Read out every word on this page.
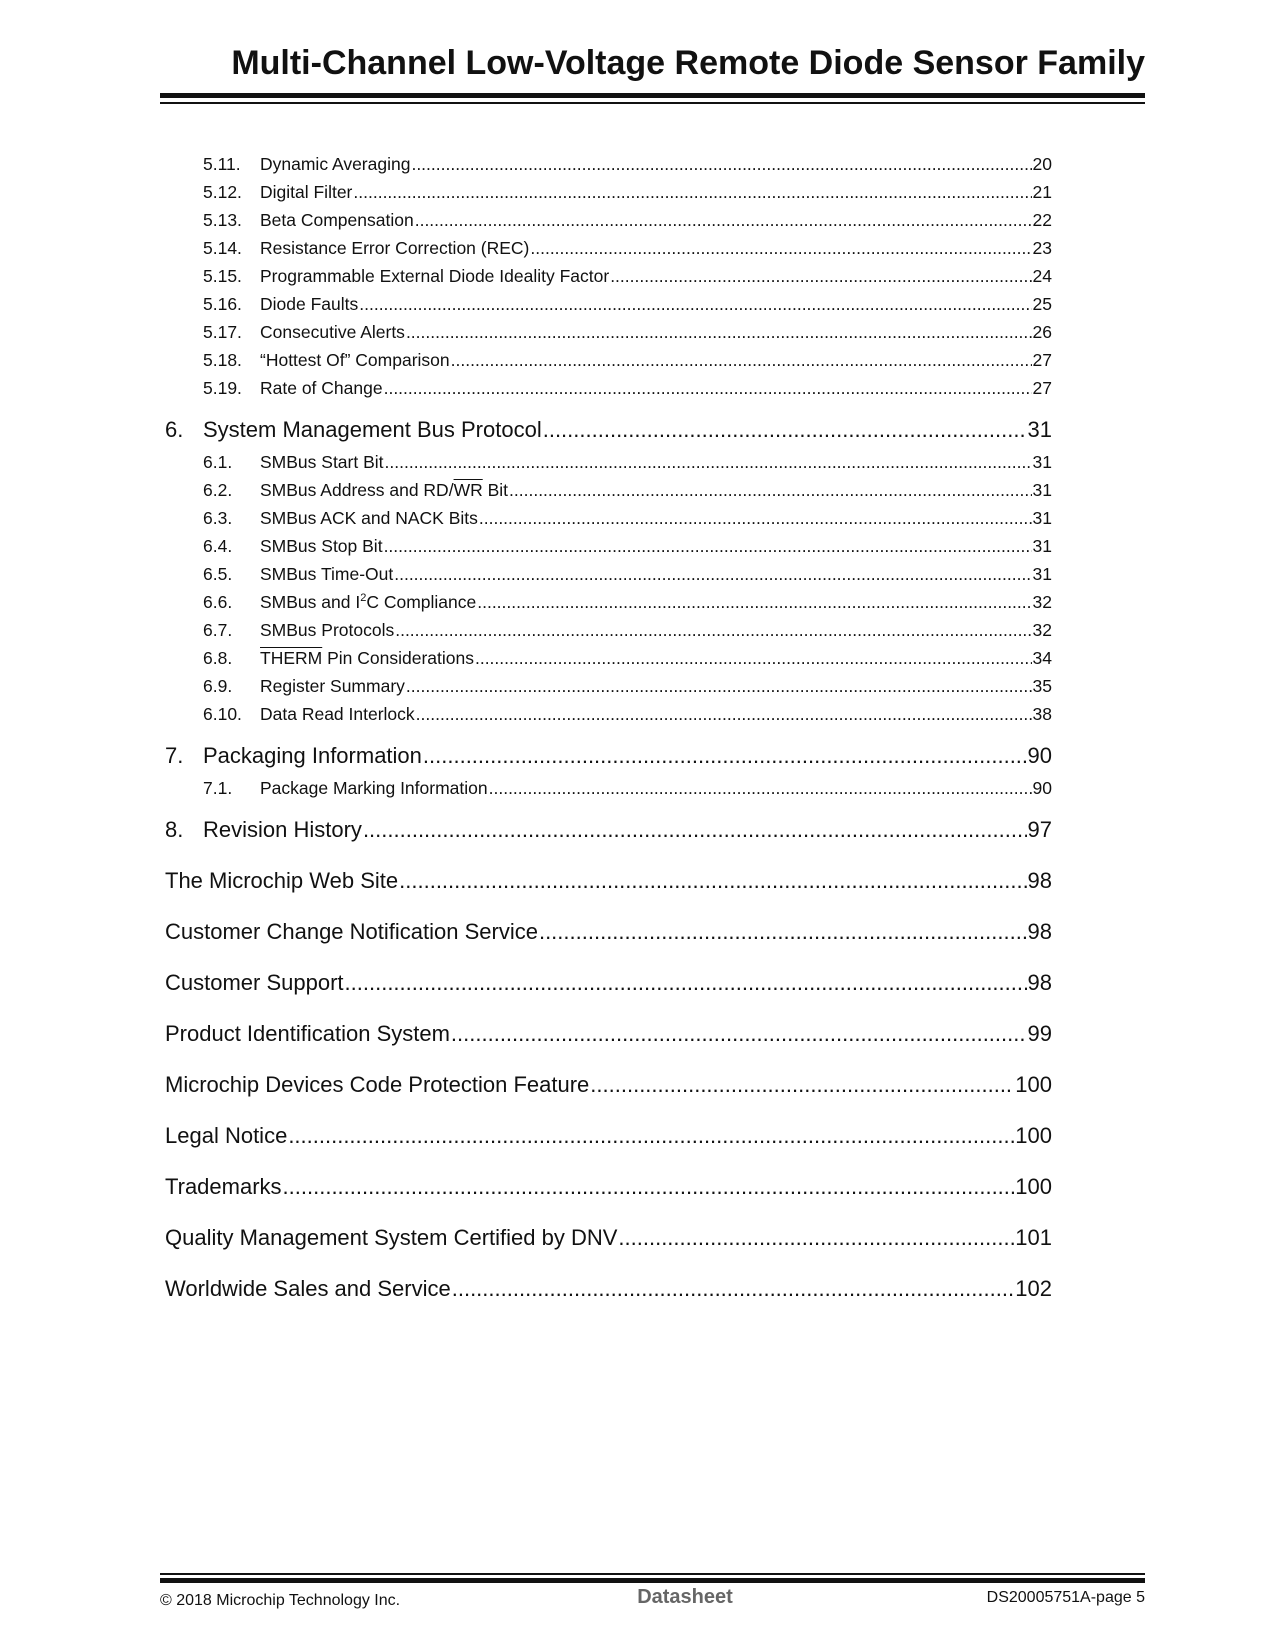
Multi-Channel Low-Voltage Remote Diode Sensor Family
5.11.	Dynamic Averaging .....	20
5.12.	Digital Filter .....	21
5.13.	Beta Compensation .....	22
5.14.	Resistance Error Correction (REC) .....	23
5.15.	Programmable External Diode Ideality Factor .....	24
5.16.	Diode Faults .....	25
5.17.	Consecutive Alerts .....	26
5.18.	“Hottest Of” Comparison .....	27
5.19.	Rate of Change .....	27
6. System Management Bus Protocol .....	31
6.1.	SMBus Start Bit .....	31
6.2.	SMBus Address and $RD/\overline{WR}$ Bit .....	31
6.3.	SMBus ACK and NACK Bits .....	31
6.4.	SMBus Stop Bit .....	31
6.5.	SMBus Time-Out .....	31
6.6.	SMBus and $I^2C$ Compliance .....	32
6.7.	SMBus Protocols .....	32
6.8.	THERM Pin Considerations .....	34
6.9.	Register Summary .....	35
6.10.	Data Read Interlock .....	38
7. Packaging Information .....	90
7.1.	Package Marking Information .....	90
8. Revision History .....	97
The Microchip Web Site .....	98
Customer Change Notification Service .....	98
Customer Support .....	98
Product Identification System .....	99
Microchip Devices Code Protection Feature .....	100
Legal Notice .....	100
Trademarks .....	100
Quality Management System Certified by DNV .....	101
Worldwide Sales and Service .....	102
© 2018 Microchip Technology Inc.	Datasheet	DS20005751A-page 5
